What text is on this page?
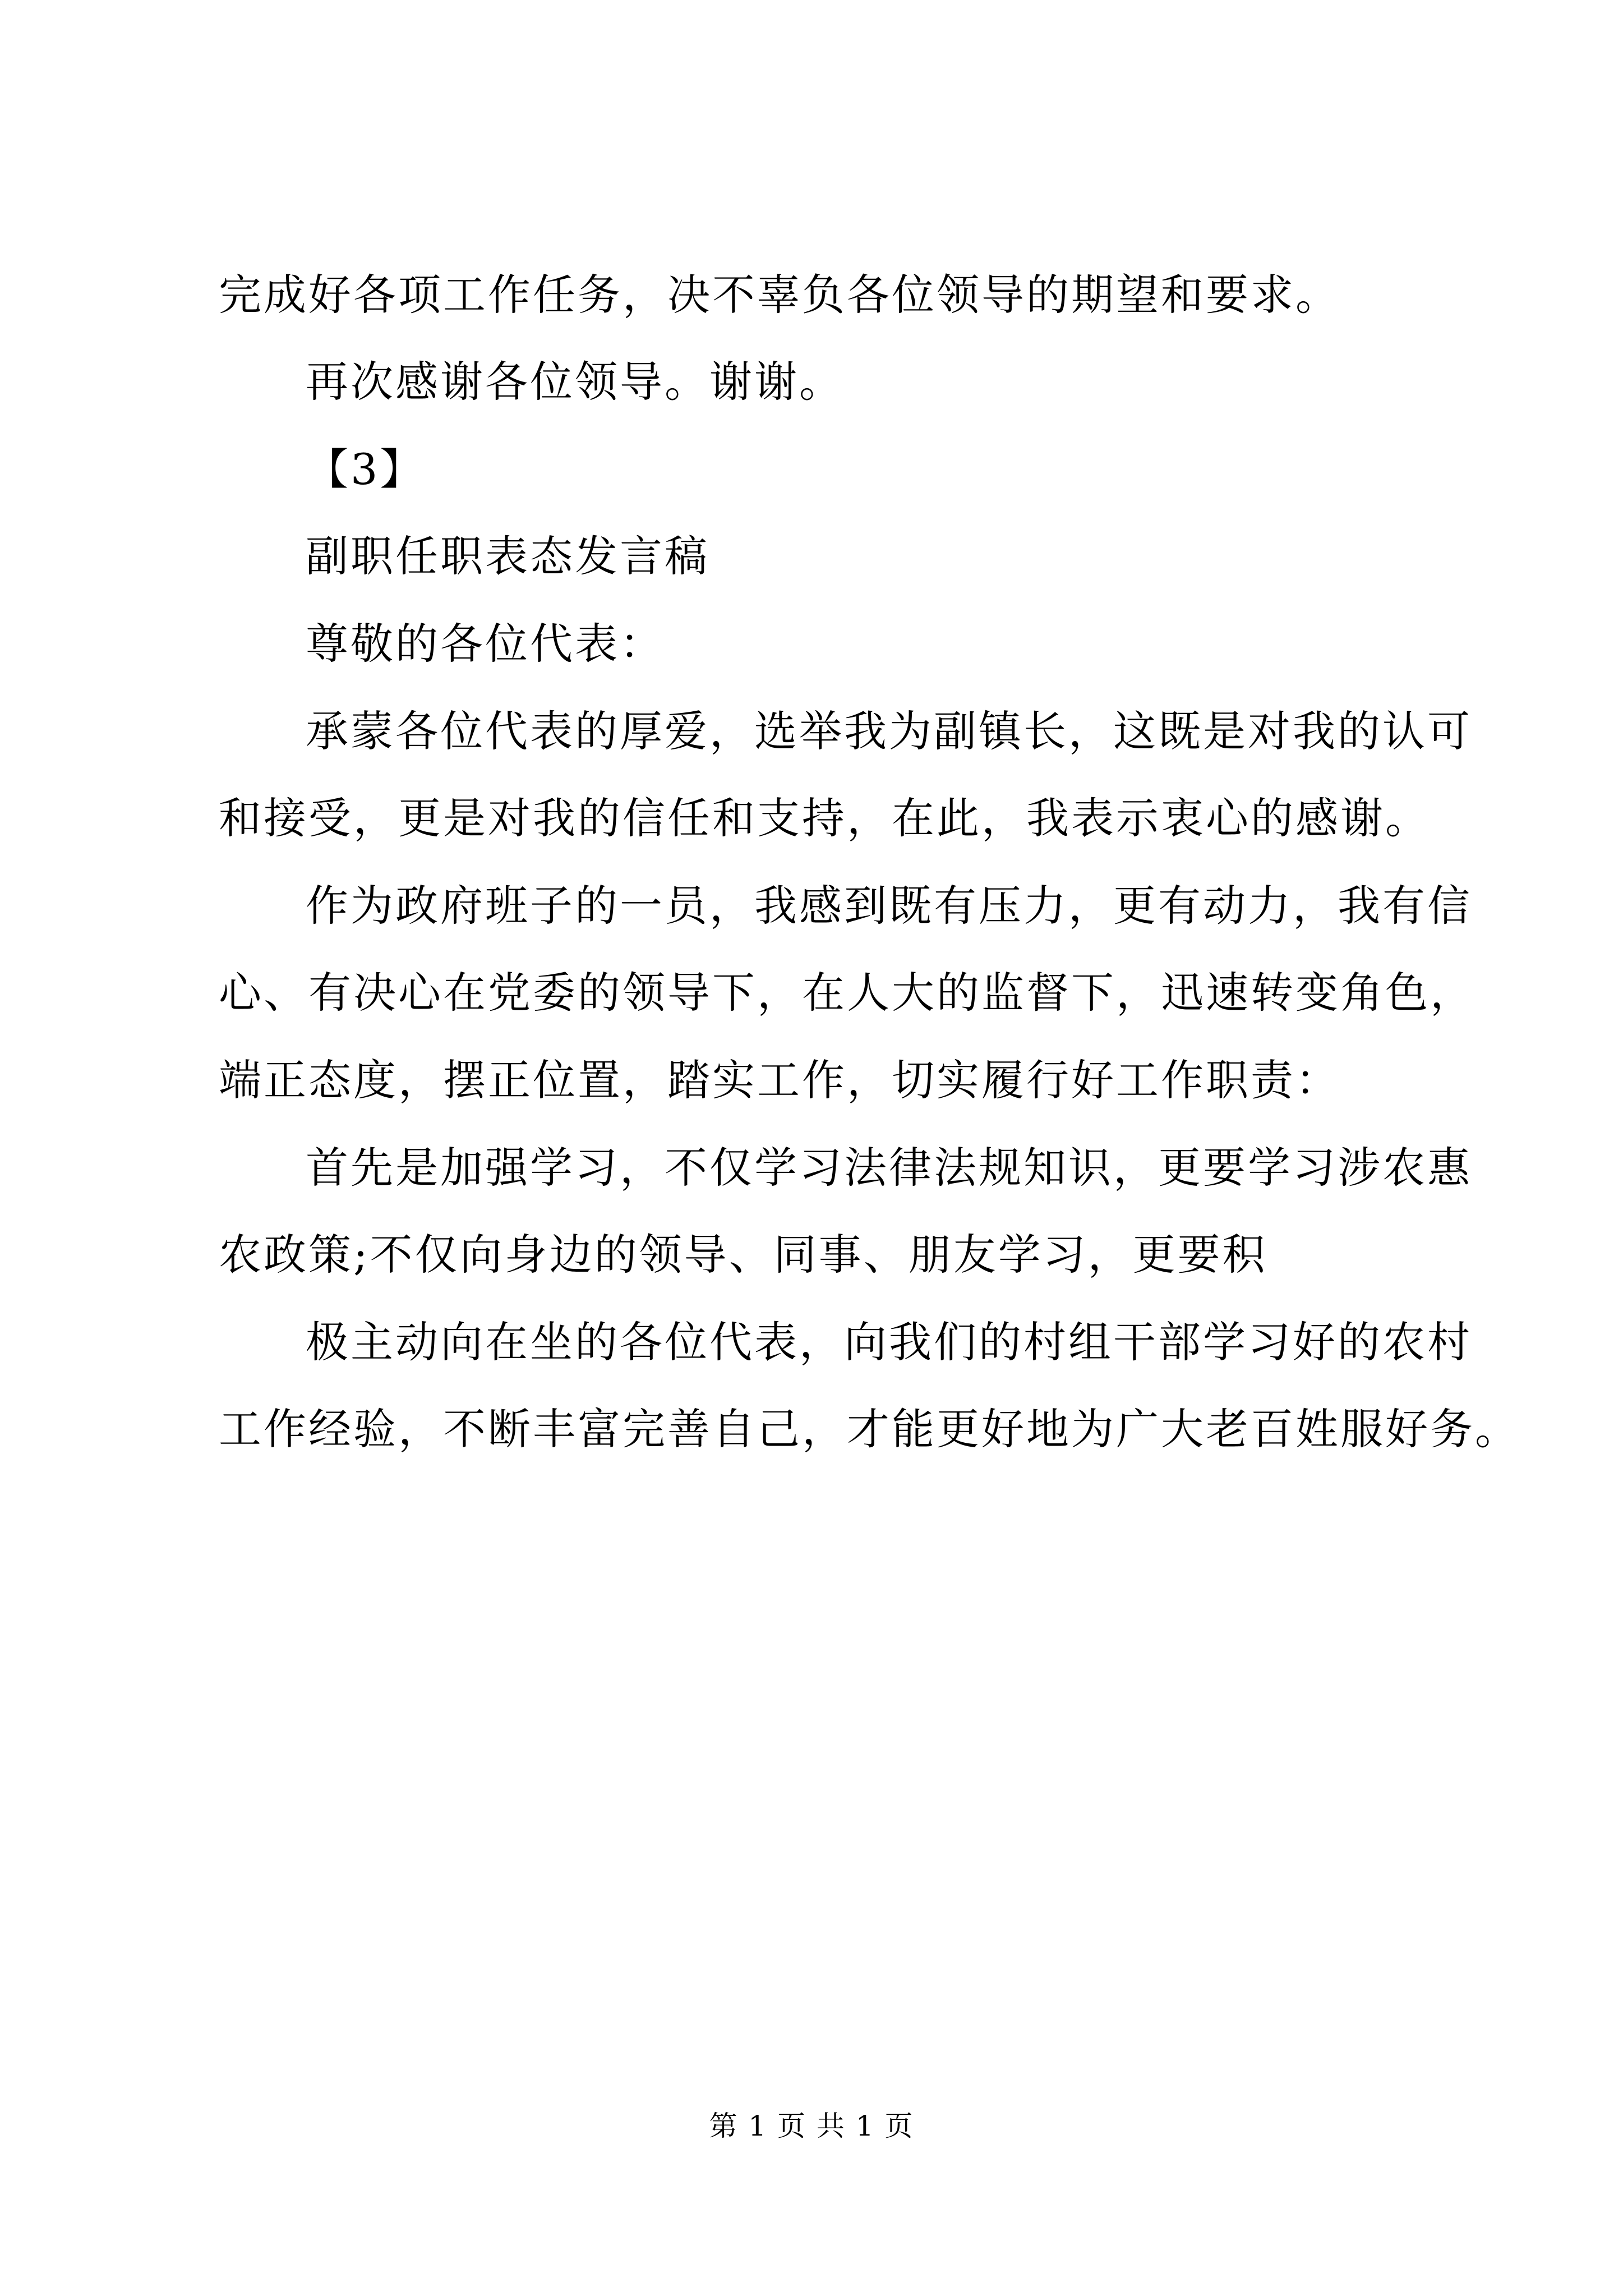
完成好各项工作任务，决不辜负各位领导的期望和要求。
再次感谢各位领导。谢谢。
【3】
副职任职表态发言稿
尊敬的各位代表：
承蒙各位代表的厚爱，选举我为副镇长，这既是对我的认可
和接受，更是对我的信任和支持，在此，我表示衷心的感谢。
作为政府班子的一员，我感到既有压力，更有动力，我有信
心、有决心在党委的领导下，在人大的监督下，迅速转变角色，
端正态度，摆正位置，踏实工作，切实履行好工作职责：
首先是加强学习，不仅学习法律法规知识，更要学习涉农惠
农政策;不仅向身边的领导、同事、朋友学习，更要积
极主动向在坐的各位代表，向我们的村组干部学习好的农村
工作经验，不断丰富完善自己，才能更好地为广大老百姓服好务。
第 1 页 共 1 页
